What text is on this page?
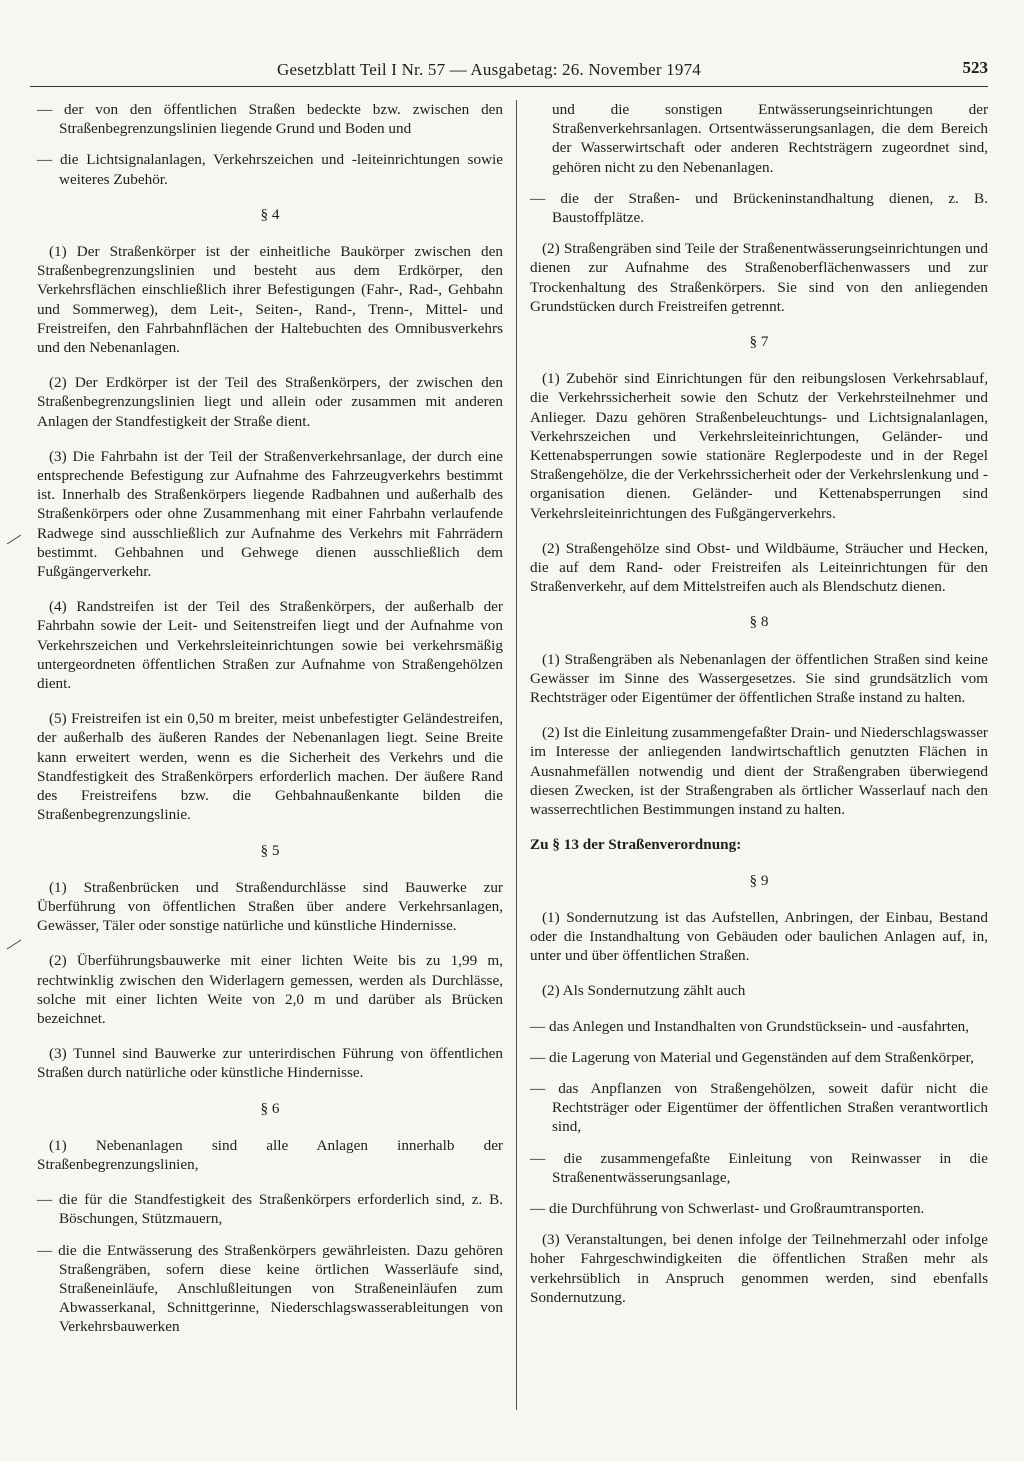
Gesetzblatt Teil I Nr. 57 — Ausgabetag: 26. November 1974	523

— der von den öffentlichen Straßen bedeckte bzw. zwischen den Straßenbegrenzungslinien liegende Grund und Boden und

— die Lichtsignalanlagen, Verkehrszeichen und -leiteinrichtungen sowie weiteres Zubehör.

§ 4

(1) Der Straßenkörper ist der einheitliche Baukörper zwischen den Straßenbegrenzungslinien und besteht aus dem Erdkörper, den Verkehrsflächen einschließlich ihrer Befestigungen (Fahr-, Rad-, Gehbahn und Sommerweg), dem Leit-, Seiten-, Rand-, Trenn-, Mittel- und Freistreifen, den Fahrbahnflächen der Haltebuchten des Omnibusverkehrs und den Nebenanlagen.

(2) Der Erdkörper ist der Teil des Straßenkörpers, der zwischen den Straßenbegrenzungslinien liegt und allein oder zusammen mit anderen Anlagen der Standfestigkeit der Straße dient.

(3) Die Fahrbahn ist der Teil der Straßenverkehrsanlage, der durch eine entsprechende Befestigung zur Aufnahme des Fahrzeugverkehrs bestimmt ist. Innerhalb des Straßenkörpers liegende Radbahnen und außerhalb des Straßenkörpers oder ohne Zusammenhang mit einer Fahrbahn verlaufende Radwege sind ausschließlich zur Aufnahme des Verkehrs mit Fahrrädern bestimmt. Gehbahnen und Gehwege dienen ausschließlich dem Fußgängerverkehr.

(4) Randstreifen ist der Teil des Straßenkörpers, der außerhalb der Fahrbahn sowie der Leit- und Seitenstreifen liegt und der Aufnahme von Verkehrszeichen und Verkehrsleiteinrichtungen sowie bei verkehrsmäßig untergeordneten öffentlichen Straßen zur Aufnahme von Straßengehölzen dient.

(5) Freistreifen ist ein 0,50 m breiter, meist unbefestigter Geländestreifen, der außerhalb des äußeren Randes der Nebenanlagen liegt. Seine Breite kann erweitert werden, wenn es die Sicherheit des Verkehrs und die Standfestigkeit des Straßenkörpers erforderlich machen. Der äußere Rand des Freistreifens bzw. die Gehbahnaußenkante bilden die Straßenbegrenzungslinie.

§ 5

(1) Straßenbrücken und Straßendurchlässe sind Bauwerke zur Überführung von öffentlichen Straßen über andere Verkehrsanlagen, Gewässer, Täler oder sonstige natürliche und künstliche Hindernisse.

(2) Überführungsbauwerke mit einer lichten Weite bis zu 1,99 m, rechtwinklig zwischen den Widerlagern gemessen, werden als Durchlässe, solche mit einer lichten Weite von 2,0 m und darüber als Brücken bezeichnet.

(3) Tunnel sind Bauwerke zur unterirdischen Führung von öffentlichen Straßen durch natürliche oder künstliche Hindernisse.

§ 6

(1) Nebenanlagen sind alle Anlagen innerhalb der Straßenbegrenzungslinien,

— die für die Standfestigkeit des Straßenkörpers erforderlich sind, z. B. Böschungen, Stützmauern,

— die die Entwässerung des Straßenkörpers gewährleisten. Dazu gehören Straßengräben, sofern diese keine örtlichen Wasserläufe sind, Straßeneinläufe, Anschlußleitungen von Straßeneinläufen zum Abwasserkanal, Schnittgerinne, Niederschlagswasserableitungen von Verkehrsbauwerken

und die sonstigen Entwässerungseinrichtungen der Straßenverkehrsanlagen. Ortsentwässerungsanlagen, die dem Bereich der Wasserwirtschaft oder anderen Rechtsträgern zugeordnet sind, gehören nicht zu den Nebenanlagen.

— die der Straßen- und Brückeninstandhaltung dienen, z. B. Baustoffplätze.

(2) Straßengräben sind Teile der Straßenentwässerungseinrichtungen und dienen zur Aufnahme des Straßenoberflächenwassers und zur Trockenhaltung des Straßenkörpers. Sie sind von den anliegenden Grundstücken durch Freistreifen getrennt.

§ 7

(1) Zubehör sind Einrichtungen für den reibungslosen Verkehrsablauf, die Verkehrssicherheit sowie den Schutz der Verkehrsteilnehmer und Anlieger. Dazu gehören Straßenbeleuchtungs- und Lichtsignalanlagen, Verkehrszeichen und Verkehrsleiteinrichtungen, Geländer- und Kettenabsperrungen sowie stationäre Reglerpodeste und in der Regel Straßengehölze, die der Verkehrssicherheit oder der Verkehrslenkung und -organisation dienen. Geländer- und Kettenabsperrungen sind Verkehrsleiteinrichtungen des Fußgängerverkehrs.

(2) Straßengehölze sind Obst- und Wildbäume, Sträucher und Hecken, die auf dem Rand- oder Freistreifen als Leiteinrichtungen für den Straßenverkehr, auf dem Mittelstreifen auch als Blendschutz dienen.

§ 8

(1) Straßengräben als Nebenanlagen der öffentlichen Straßen sind keine Gewässer im Sinne des Wassergesetzes. Sie sind grundsätzlich vom Rechtsträger oder Eigentümer der öffentlichen Straße instand zu halten.

(2) Ist die Einleitung zusammengefaßter Drain- und Niederschlagswasser im Interesse der anliegenden landwirtschaftlich genutzten Flächen in Ausnahmefällen notwendig und dient der Straßengraben überwiegend diesen Zwecken, ist der Straßengraben als örtlicher Wasserlauf nach den wasserrechtlichen Bestimmungen instand zu halten.

Zu § 13 der Straßenverordnung:
§ 9

(1) Sondernutzung ist das Aufstellen, Anbringen, der Einbau, Bestand oder die Instandhaltung von Gebäuden oder baulichen Anlagen auf, in, unter und über öffentlichen Straßen.

(2) Als Sondernutzung zählt auch

— das Anlegen und Instandhalten von Grundstücksein- und -ausfahrten,

— die Lagerung von Material und Gegenständen auf dem Straßenkörper,

— das Anpflanzen von Straßengehölzen, soweit dafür nicht die Rechtsträger oder Eigentümer der öffentlichen Straßen verantwortlich sind,

— die zusammengefaßte Einleitung von Reinwasser in die Straßenentwässerungsanlage,

— die Durchführung von Schwerlast- und Großraumtransporten.

(3) Veranstaltungen, bei denen infolge der Teilnehmerzahl oder infolge hoher Fahrgeschwindigkeiten die öffentlichen Straßen mehr als verkehrsüblich in Anspruch genommen werden, sind ebenfalls Sondernutzung.
